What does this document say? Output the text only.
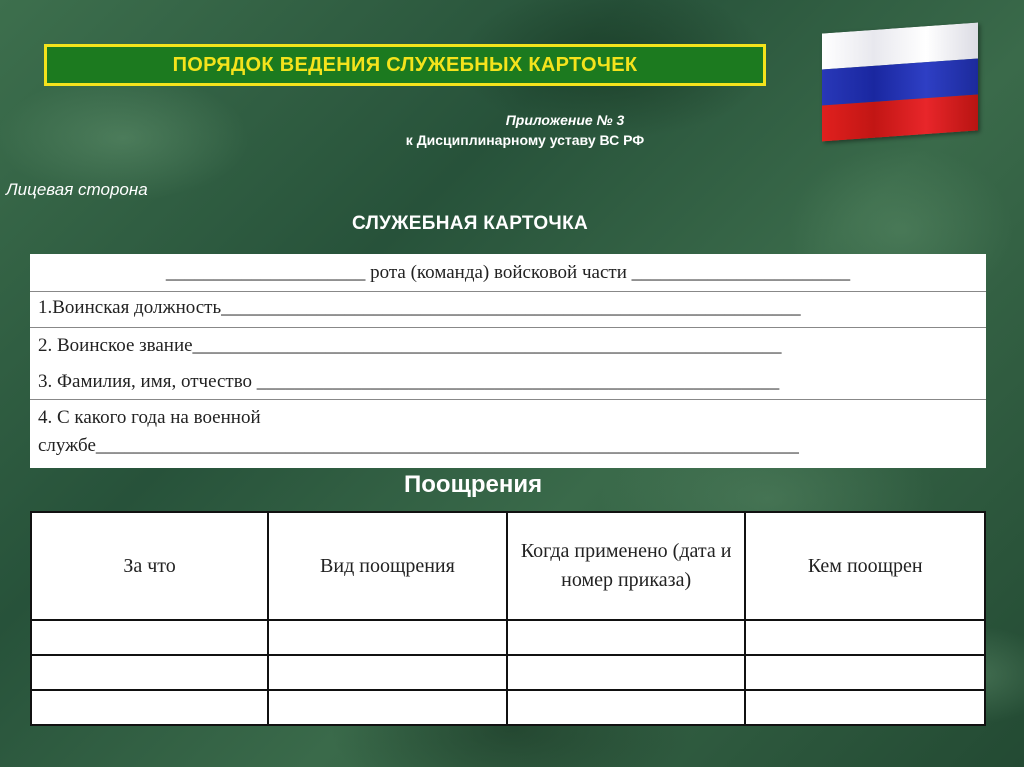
ПОРЯДОК ВЕДЕНИЯ СЛУЖЕБНЫХ КАРТОЧЕК
Приложение № 3
к Дисциплинарному уставу ВС РФ
Лицевая сторона
СЛУЖЕБНАЯ КАРТОЧКА
_____________________ рота (команда) войсковой части _______________________
1.Воинская должность_____________________________________________________________
2. Воинское звание______________________________________________________________
3. Фамилия, имя, отчество _______________________________________________________
4. С какого года на военной службе__________________________________________________________________________
Поощрения
За что	Вид поощрения	Когда применено (дата и номер приказа)	Кем поощрен
